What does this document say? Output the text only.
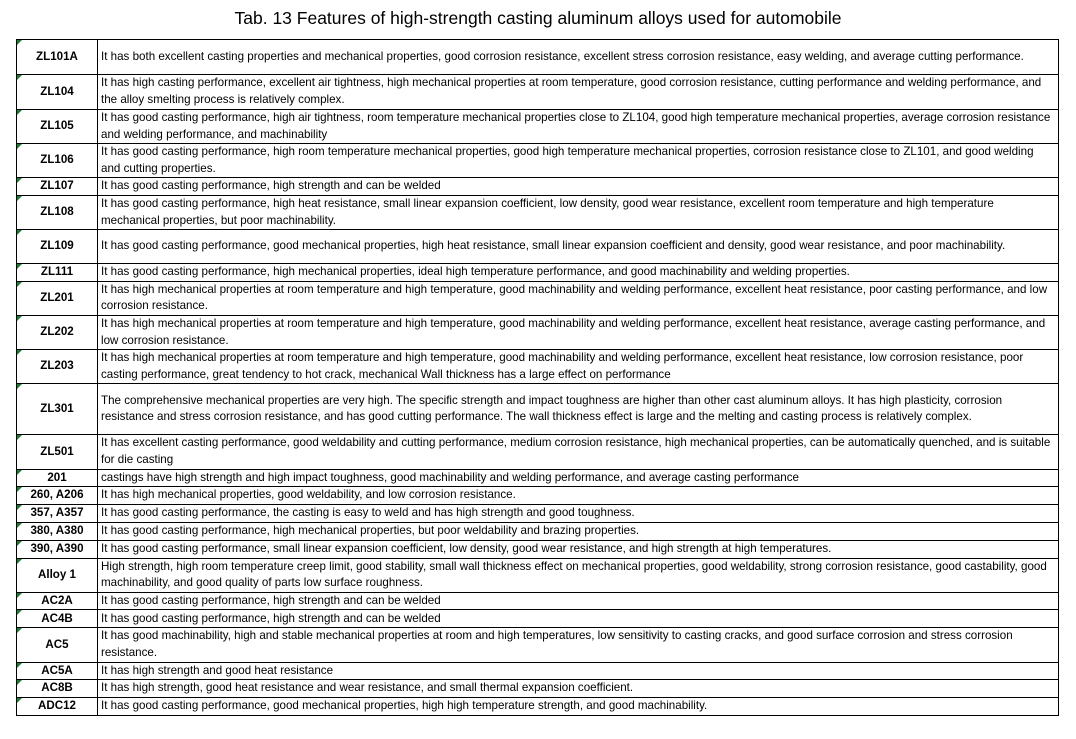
Tab. 13 Features of high-strength casting aluminum alloys used for automobile
ZL101A	It has both excellent casting properties and mechanical properties, good corrosion resistance, excellent stress corrosion resistance, easy welding, and average cutting performance.
ZL104	It has high casting performance, excellent air tightness, high mechanical properties at room temperature, good corrosion resistance, cutting performance and welding performance, and the alloy smelting process is relatively complex.
ZL105	It has good casting performance, high air tightness, room temperature mechanical properties close to ZL104, good high temperature mechanical properties, average corrosion resistance and welding performance, and machinability
ZL106	It has good casting performance, high room temperature mechanical properties, good high temperature mechanical properties, corrosion resistance close to ZL101, and good welding and cutting properties.
ZL107	It has good casting performance, high strength and can be welded
ZL108	It has good casting performance, high heat resistance, small linear expansion coefficient, low density, good wear resistance, excellent room temperature and high temperature mechanical properties, but poor machinability.
ZL109	It has good casting performance, good mechanical properties, high heat resistance, small linear expansion coefficient and density, good wear resistance, and poor machinability.
ZL111	It has good casting performance, high mechanical properties, ideal high temperature performance, and good machinability and welding properties.
ZL201	It has high mechanical properties at room temperature and high temperature, good machinability and welding performance, excellent heat resistance, poor casting performance, and low corrosion resistance.
ZL202	It has high mechanical properties at room temperature and high temperature, good machinability and welding performance, excellent heat resistance, average casting performance, and low corrosion resistance.
ZL203	It has high mechanical properties at room temperature and high temperature, good machinability and welding performance, excellent heat resistance, low corrosion resistance, poor casting performance, great tendency to hot crack, mechanical Wall thickness has a large effect on performance
ZL301	The comprehensive mechanical properties are very high. The specific strength and impact toughness are higher than other cast aluminum alloys. It has high plasticity, corrosion resistance and stress corrosion resistance, and has good cutting performance. The wall thickness effect is large and the melting and casting process is relatively complex.
ZL501	It has excellent casting performance, good weldability and cutting performance, medium corrosion resistance, high mechanical properties, can be automatically quenched, and is suitable for die casting
201	castings have high strength and high impact toughness, good machinability and welding performance, and average casting performance
260, A206	It has high mechanical properties, good weldability, and low corrosion resistance.
357, A357	It has good casting performance, the casting is easy to weld and has high strength and good toughness.
380, A380	It has good casting performance, high mechanical properties, but poor weldability and brazing properties.
390, A390	It has good casting performance, small linear expansion coefficient, low density, good wear resistance, and high strength at high temperatures.
Alloy 1	High strength, high room temperature creep limit, good stability, small wall thickness effect on mechanical properties, good weldability, strong corrosion resistance, good castability, good machinability, and good quality of parts low surface roughness.
AC2A	It has good casting performance, high strength and can be welded
AC4B	It has good casting performance, high strength and can be welded
AC5	It has good machinability, high and stable mechanical properties at room and high temperatures, low sensitivity to casting cracks, and good surface corrosion and stress corrosion resistance.
AC5A	It has high strength and good heat resistance
AC8B	It has high strength, good heat resistance and wear resistance, and small thermal expansion coefficient.
ADC12	It has good casting performance, good mechanical properties, high high temperature strength, and good machinability.
